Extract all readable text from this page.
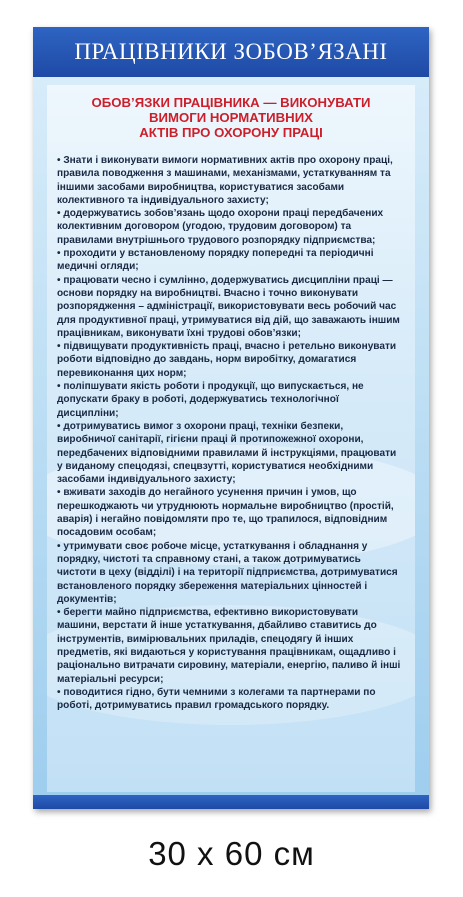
ПРАЦІВНИКИ ЗОБОВ’ЯЗАНІ
ОБОВ’ЯЗКИ ПРАЦІВНИКА — ВИКОНУВАТИ
ВИМОГИ НОРМАТИВНИХ
АКТІВ ПРО ОХОРОНУ ПРАЦІ

• Знати і виконувати вимоги нормативних актів про охорону праці, правила поводження з машинами, механізмами, устаткуванням та іншими засобами виробництва, користуватися засобами колективного та індивідуального захисту;

• додержуватись зобов’язань щодо охорони праці передбачених колективним договором (угодою, трудовим договором) та правилами внутрішнього трудового розпорядку підприємства;

• проходити у встановленому порядку попередні та періодичні медичні огляди;

• працювати чесно і сумлінно, додержуватись дисципліни праці — основи порядку на виробництві. Вчасно і точно виконувати розпорядження – адміністрації, використовувати весь робочий час для продуктивної праці, утримуватися від дій, що заважають іншим працівникам, виконувати їхні трудові обов’язки;

• підвищувати продуктивність праці, вчасно і ретельно виконувати роботи відповідно до завдань, норм виробітку, домагатися перевиконання цих норм;

• поліпшувати якість роботи і продукції, що випускається, не допускати браку в роботі, додержуватись технологічної дисципліни;

• дотримуватись вимог з охорони праці, техніки безпеки, виробничої санітарії, гігієни праці й протипожежної охорони, передбачених відповідними правилами й інструкціями, працювати у виданому спецодязі, спецвзутті, користуватися необхідними засобами індивідуального захисту;

• вживати заходів до негайного усунення причин і умов, що перешкоджають чи утруднюють нормальне виробництво (простій, аварія) і негайно повідомляти про те, що трапилося, відповідним посадовим особам;

• утримувати своє робоче місце, устаткування і обладнання у порядку, чистоті та справному стані, а також дотримуватись чистоти в цеху (відділі) і на території підприємства, дотримуватися встановленого порядку збереження матеріальних цінностей і документів;

• берегти майно підприємства, ефективно використовувати машини, верстати й інше устаткування, дбайливо ставитись до інструментів, вимірювальних приладів, спецодягу й інших предметів, які видаються у користування працівникам, ощадливо і раціонально витрачати сировину, матеріали, енергію, паливо й інші матеріальні ресурси;

• поводитися гідно, бути чемними з колегами та партнерами по роботі, дотримуватись правил громадського порядку.

30 x 60 см
